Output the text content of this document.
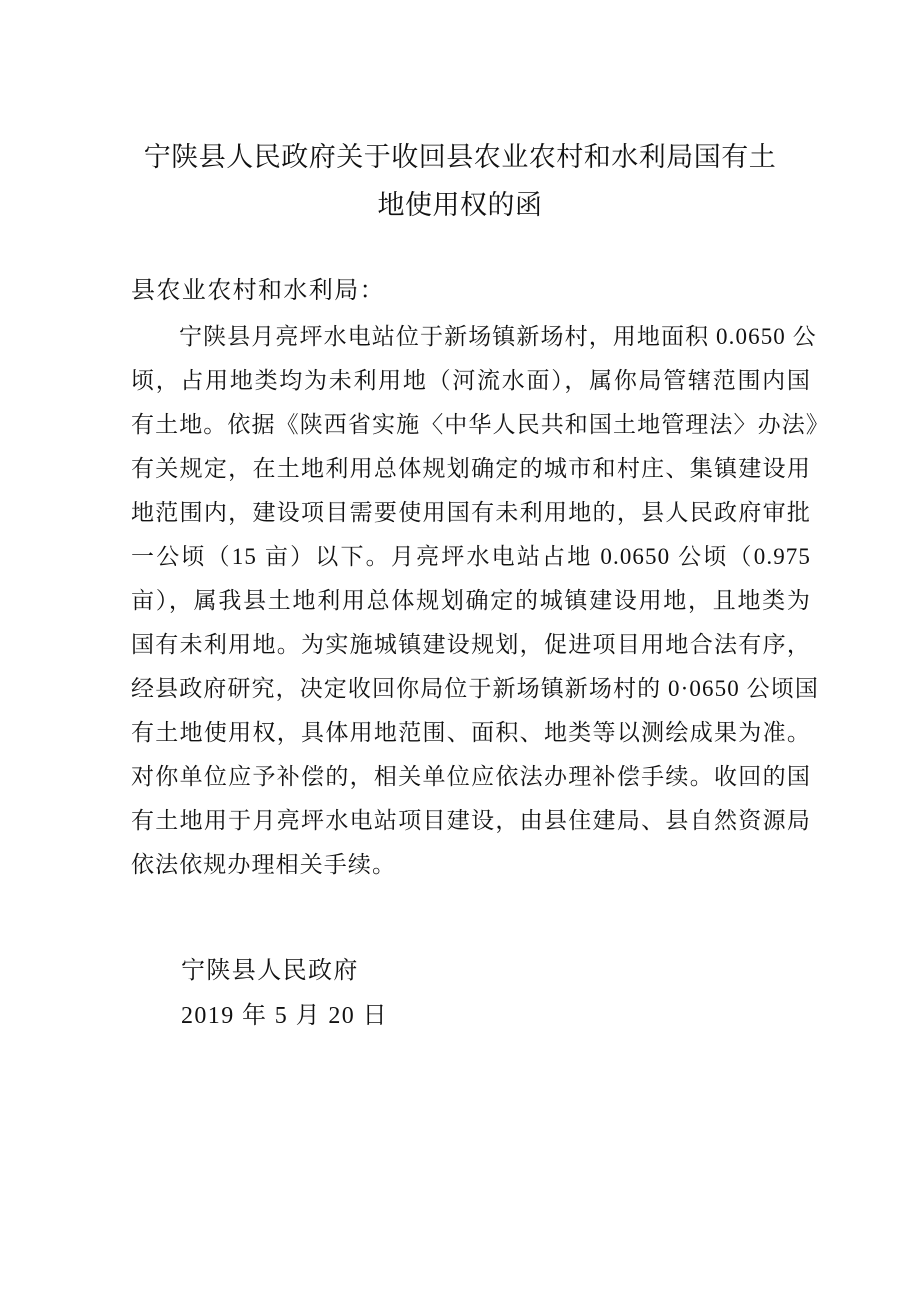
宁陕县人民政府关于收回县农业农村和水利局国有土
地使用权的函

县农业农村和水利局：

宁陕县月亮坪水电站位于新场镇新场村，用地面积 0.0650 公
顷，占用地类均为未利用地（河流水面），属你局管辖范围内国
有土地。依据《陕西省实施〈中华人民共和国土地管理法〉办法》
有关规定，在土地利用总体规划确定的城市和村庄、集镇建设用
地范围内，建设项目需要使用国有未利用地的，县人民政府审批
一公顷（15 亩）以下。月亮坪水电站占地 0.0650 公顷（0.975
亩），属我县土地利用总体规划确定的城镇建设用地，且地类为
国有未利用地。为实施城镇建设规划，促进项目用地合法有序，
经县政府研究，决定收回你局位于新场镇新场村的 0·0650 公顷国
有土地使用权，具体用地范围、面积、地类等以测绘成果为准。
对你单位应予补偿的，相关单位应依法办理补偿手续。收回的国
有土地用于月亮坪水电站项目建设，由县住建局、县自然资源局
依法依规办理相关手续。

宁陕县人民政府

2019 年 5 月 20 日
